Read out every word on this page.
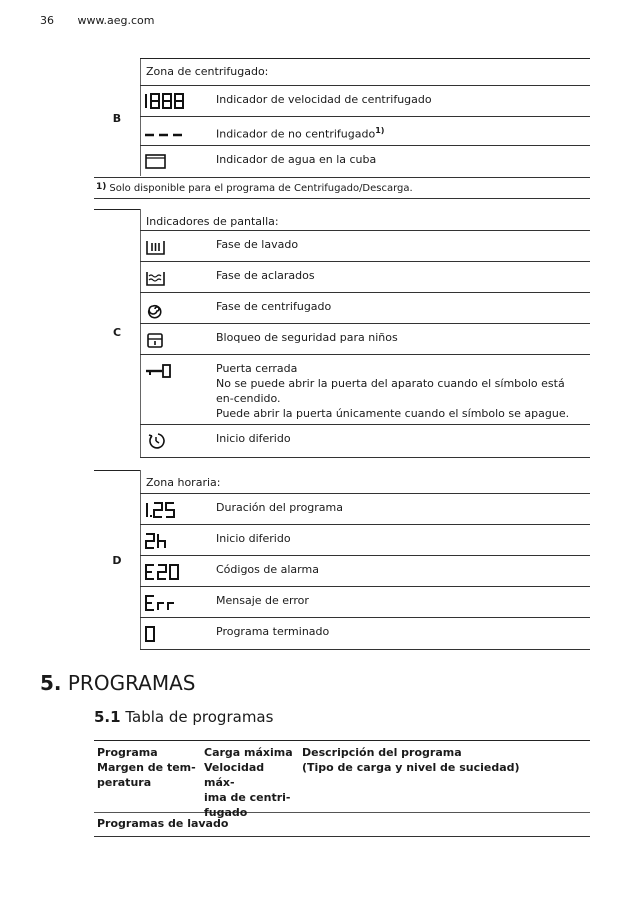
36 www.aeg.com
B
Zona de centrifugado:
Indicador de velocidad de centrifugado
Indicador de no centrifugado$^{1)}$
Indicador de agua en la cuba
1) Solo disponible para el programa de Centrifugado/Descarga.
C
Indicadores de pantalla:
Fase de lavado
Fase de aclarados
Fase de centrifugado
Bloqueo de seguridad para niños
Puerta cerrada
No se puede abrir la puerta del aparato cuando el símbolo está en-cendido.
Puede abrir la puerta únicamente cuando el símbolo se apague.
Inicio diferido
D
Zona horaria:
Duración del programa
Inicio diferido
Códigos de alarma
Mensaje de error
Programa terminado
5. PROGRAMAS
5.1 Tabla de programas
Programa
Margen de tem-
peratura
Carga máxima
Velocidad máx-
ima de centri-
fugado
Descripción del programa
(Tipo de carga y nivel de suciedad)
Programas de lavado
